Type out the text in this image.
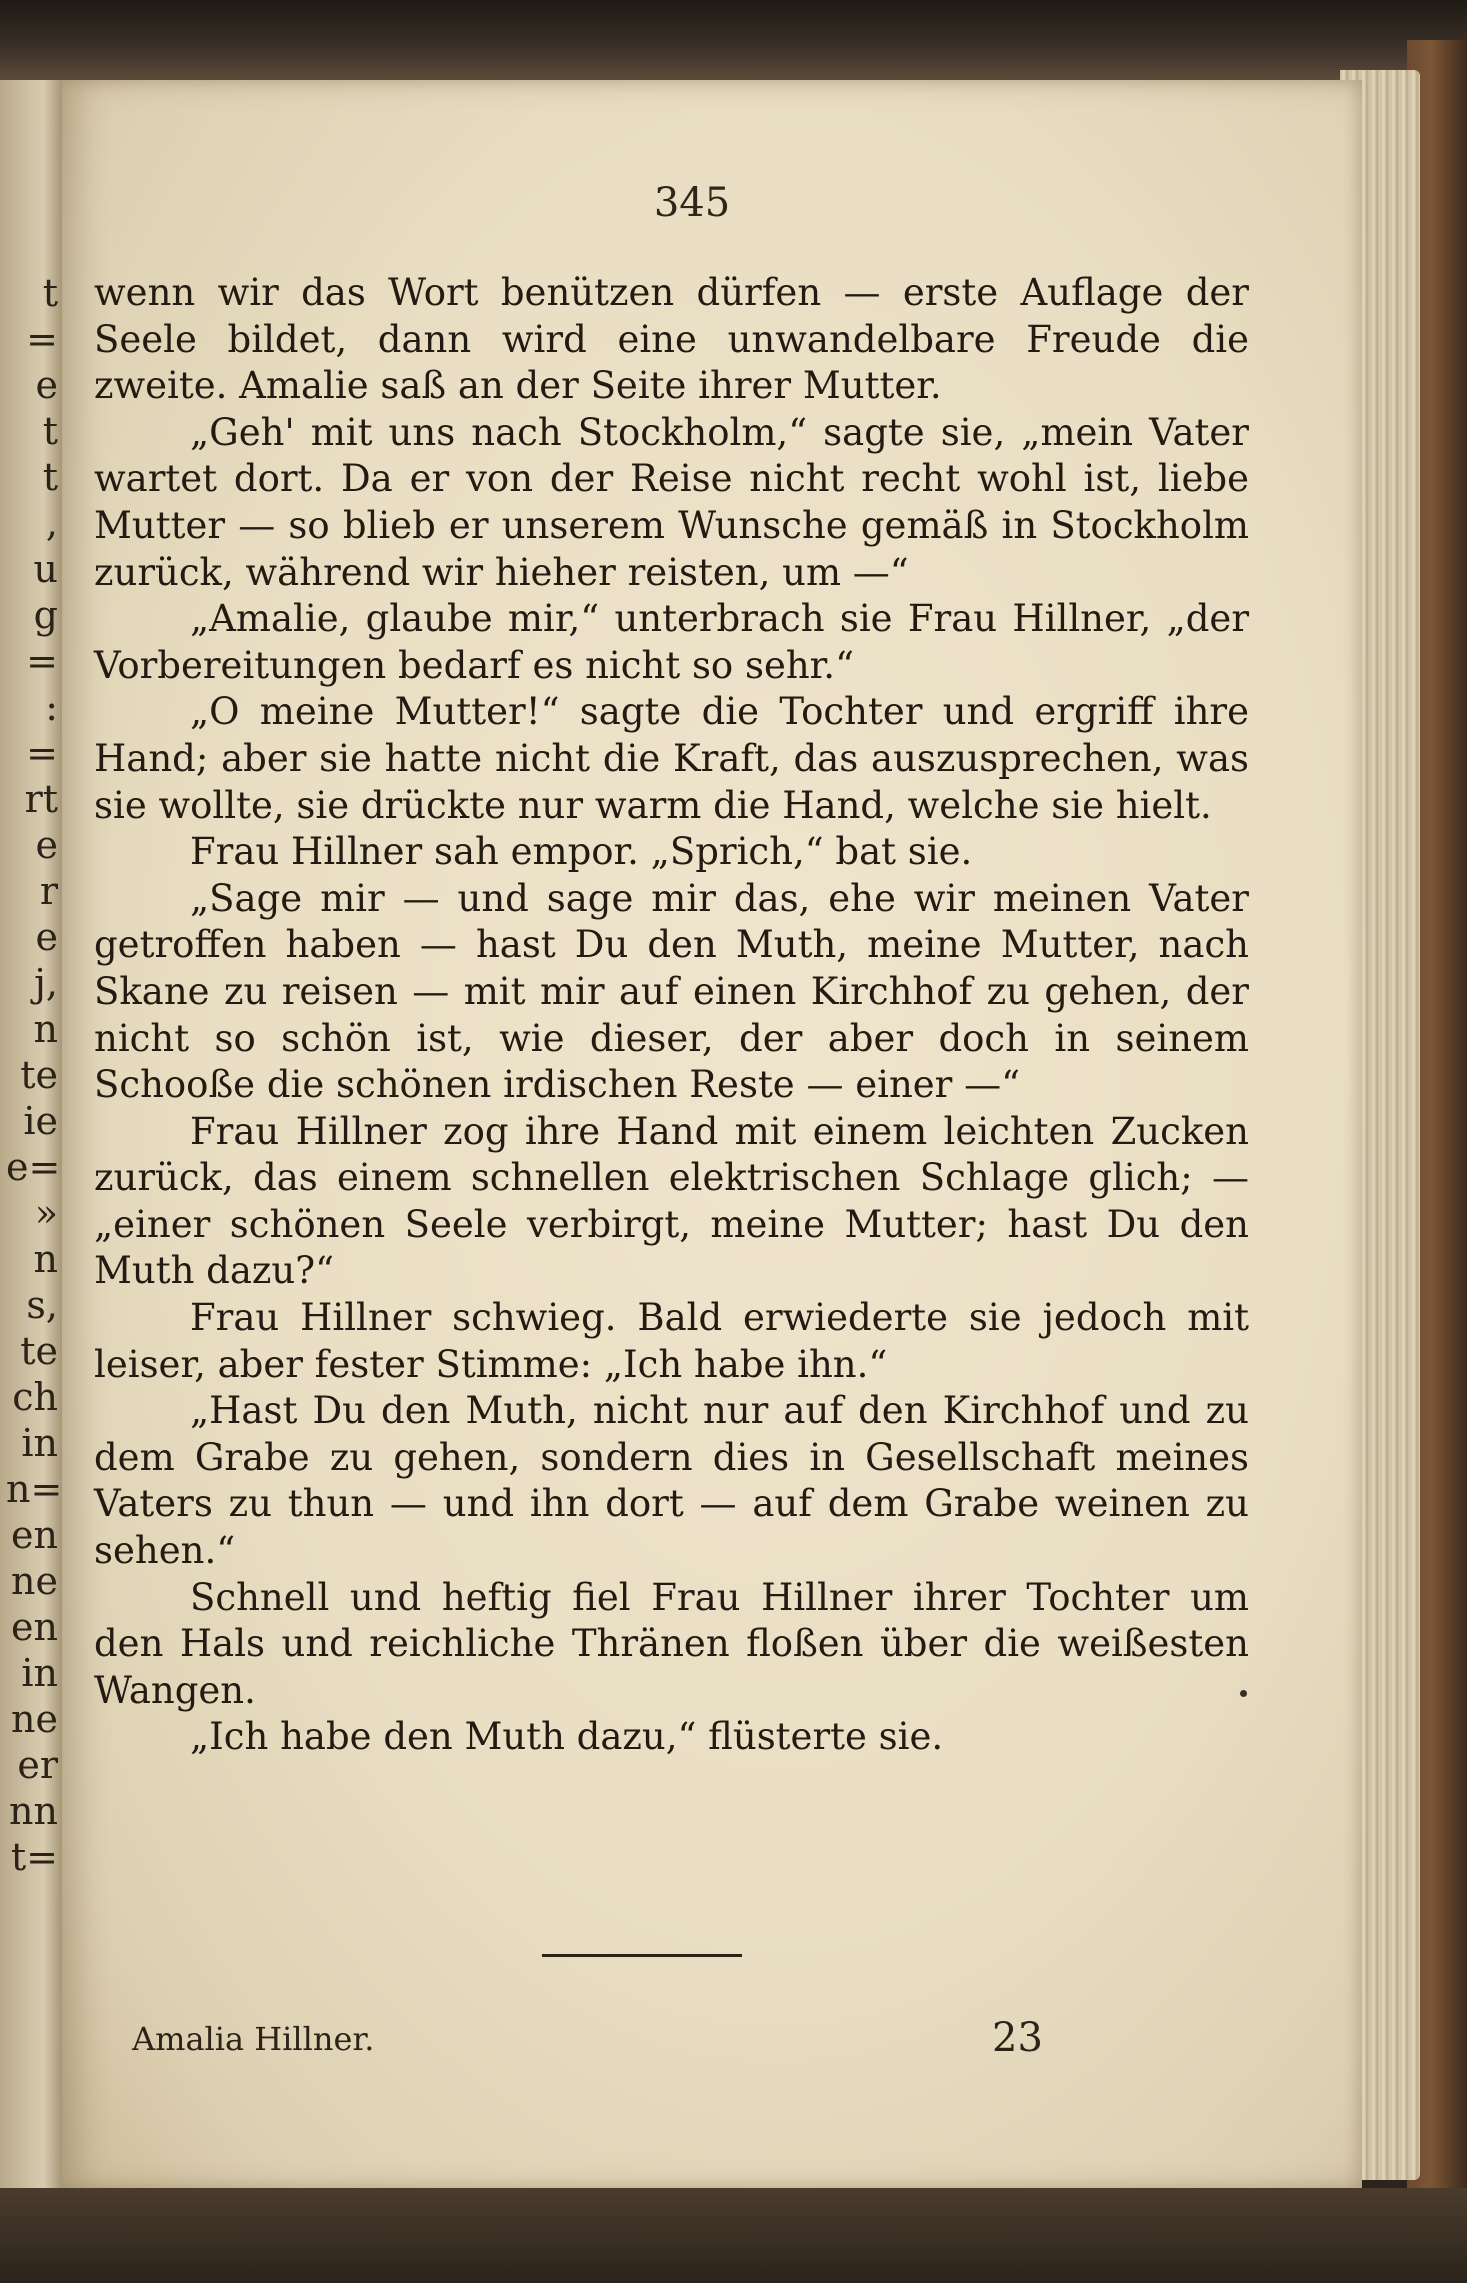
t
=
e
t
t
,
u
g
=
:
=
rt
e
r
e
j,
n
te
ie
e=
»
n
s,
te
ch
in
n=
en
ne
en
in
ne
er
nn
t=
345

wenn wir das Wort benützen dürfen — erste Auflage der Seele bildet, dann wird eine unwandelbare Freude die zweite. Amalie saß an der Seite ihrer Mutter.

„Geh' mit uns nach Stockholm,“ sagte sie, „mein Vater wartet dort. Da er von der Reise nicht recht wohl ist, liebe Mutter — so blieb er unserem Wunsche gemäß in Stockholm zurück, während wir hieher reisten, um —“

„Amalie, glaube mir,“ unterbrach sie Frau Hillner, „der Vorbereitungen bedarf es nicht so sehr.“

„O meine Mutter!“ sagte die Tochter und ergriff ihre Hand; aber sie hatte nicht die Kraft, das auszusprechen, was sie wollte, sie drückte nur warm die Hand, welche sie hielt.

Frau Hillner sah empor. „Sprich,“ bat sie.

„Sage mir — und sage mir das, ehe wir meinen Vater getroffen haben — hast Du den Muth, meine Mutter, nach Skane zu reisen — mit mir auf einen Kirchhof zu gehen, der nicht so schön ist, wie dieser, der aber doch in seinem Schooße die schönen irdischen Reste — einer —“

Frau Hillner zog ihre Hand mit einem leichten Zucken zurück, das einem schnellen elektrischen Schlage glich; — „einer schönen Seele verbirgt, meine Mutter; hast Du den Muth dazu?“

Frau Hillner schwieg. Bald erwiederte sie jedoch mit leiser, aber fester Stimme: „Ich habe ihn.“

„Hast Du den Muth, nicht nur auf den Kirchhof und zu dem Grabe zu gehen, sondern dies in Gesellschaft meines Vaters zu thun — und ihn dort — auf dem Grabe weinen zu sehen.“

Schnell und heftig fiel Frau Hillner ihrer Tochter um den Hals und reichliche Thränen floßen über die weißesten Wangen.

„Ich habe den Muth dazu,“ flüsterte sie.

Amalia Hillner.	23
